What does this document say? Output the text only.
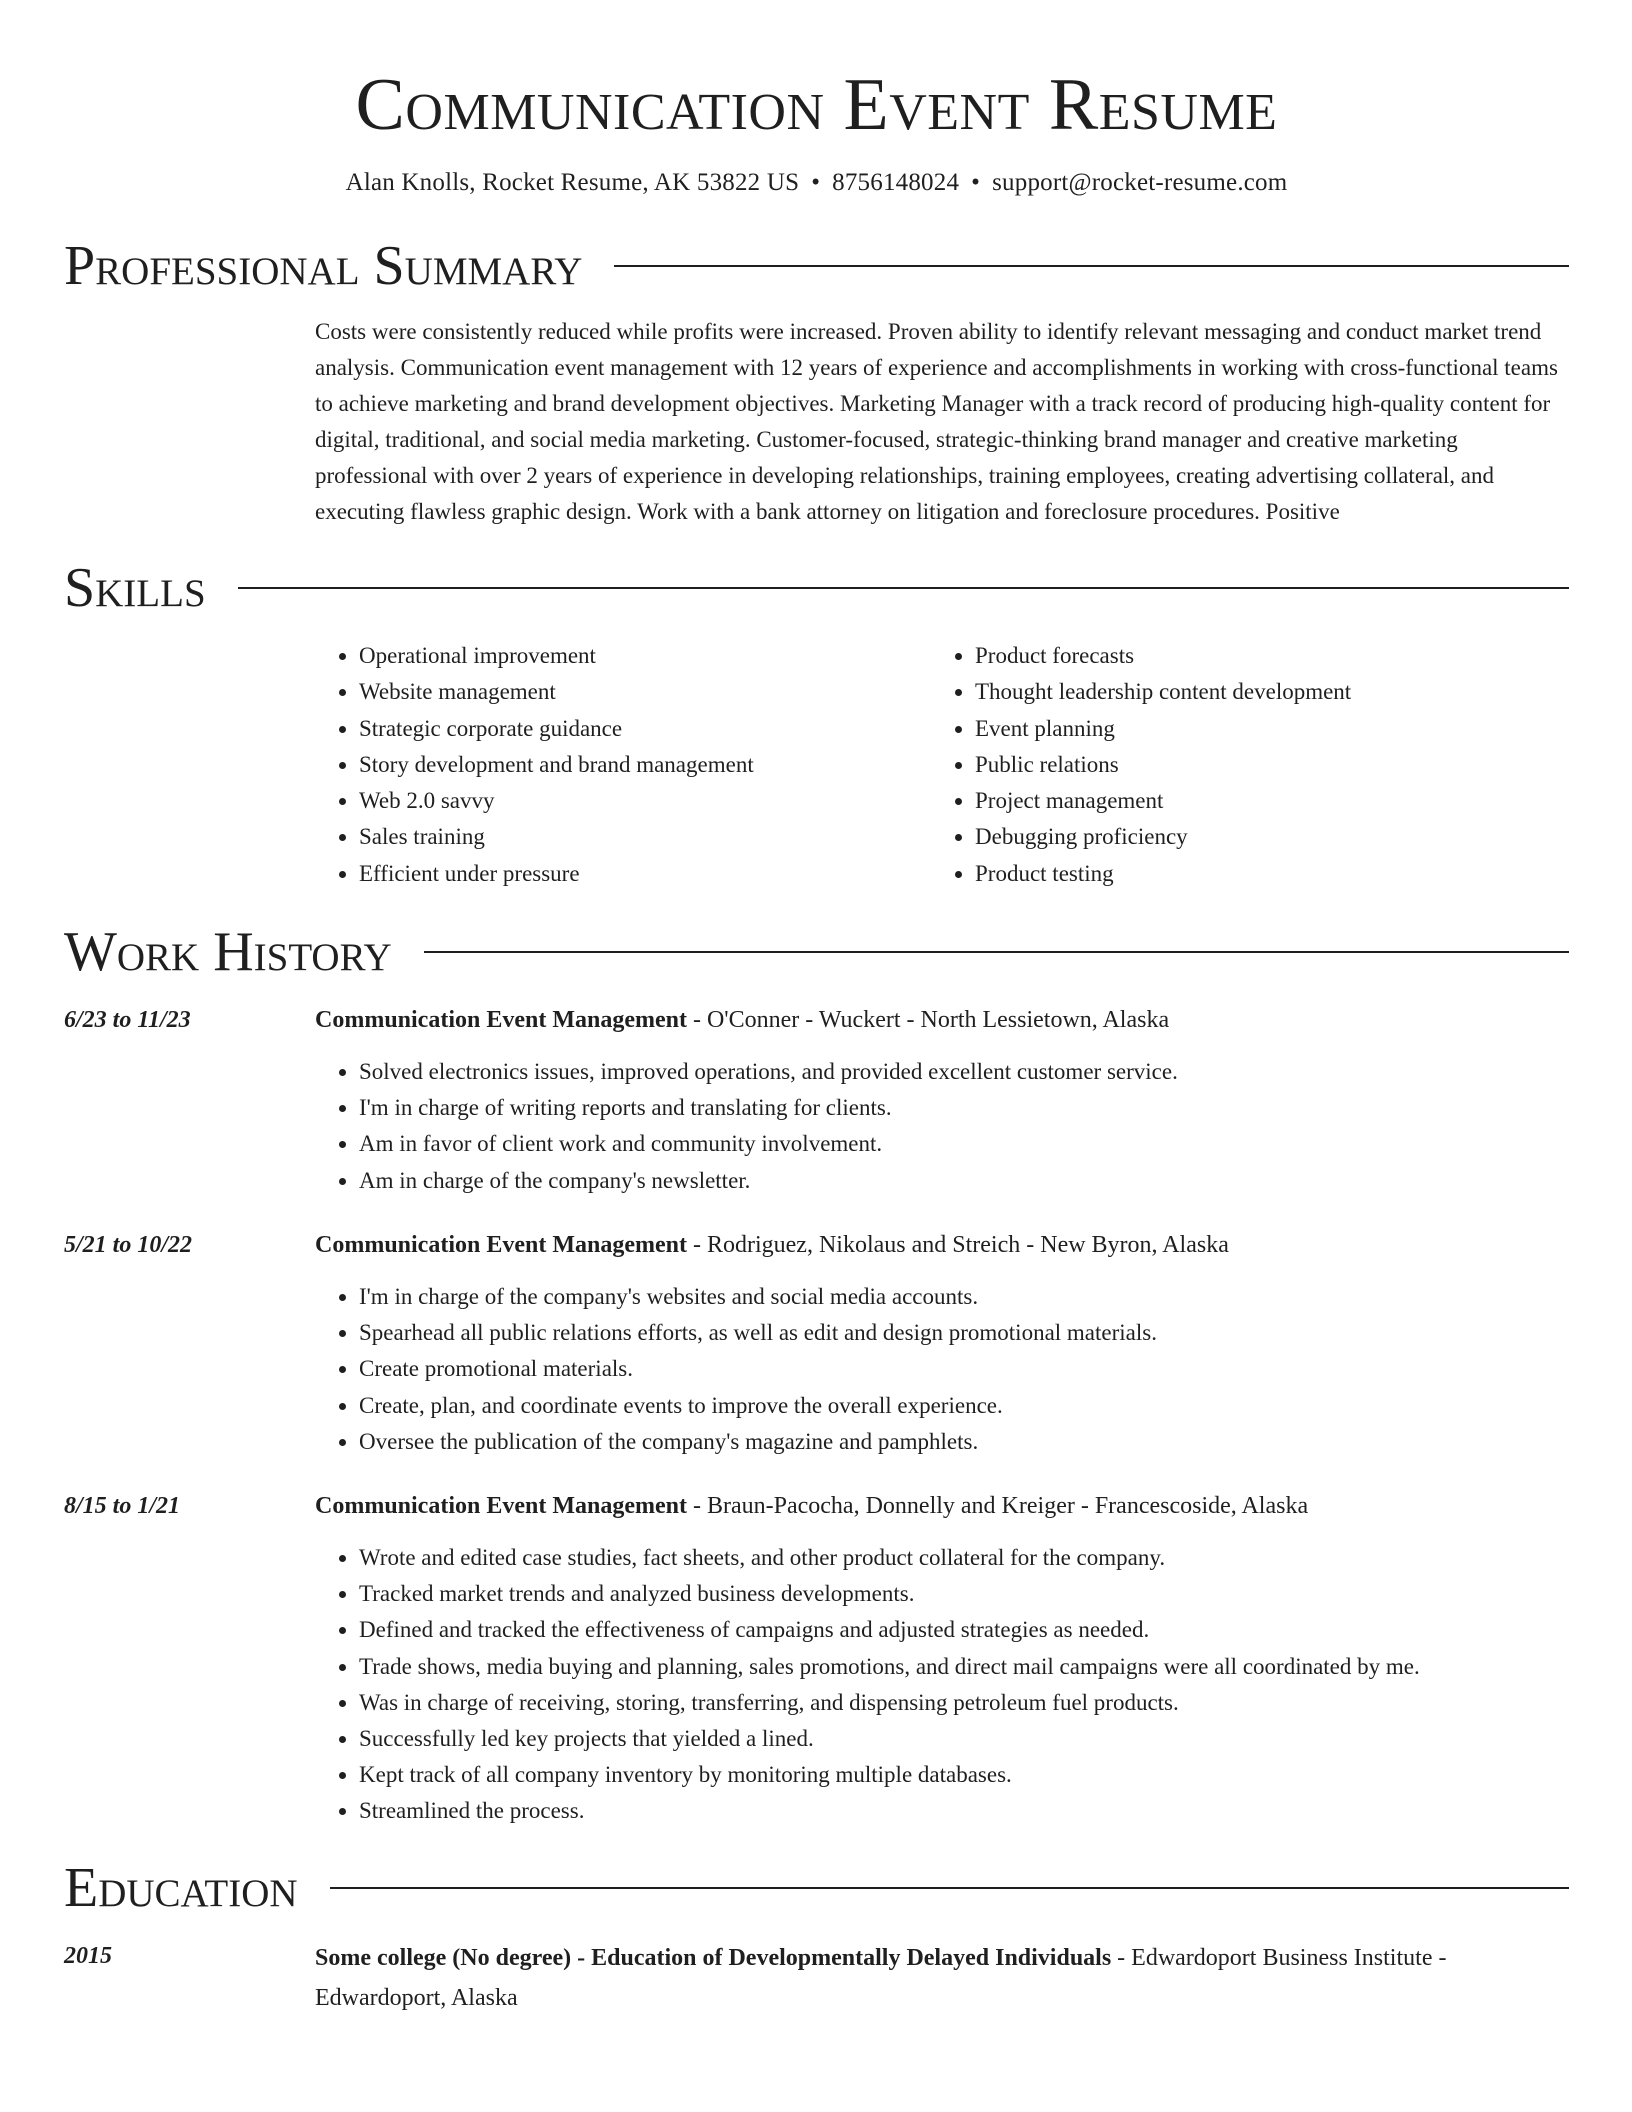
Communication Event Resume
Alan Knolls, Rocket Resume, AK 53822 US • 8756148024 • support@rocket-resume.com
Professional Summary
Costs were consistently reduced while profits were increased. Proven ability to identify relevant messaging and conduct market trend analysis. Communication event management with 12 years of experience and accomplishments in working with cross-functional teams to achieve marketing and brand development objectives. Marketing Manager with a track record of producing high-quality content for digital, traditional, and social media marketing. Customer-focused, strategic-thinking brand manager and creative marketing professional with over 2 years of experience in developing relationships, training employees, creating advertising collateral, and executing flawless graphic design. Work with a bank attorney on litigation and foreclosure procedures. Positive
Skills
• Operational improvement
• Website management
• Strategic corporate guidance
• Story development and brand management
• Web 2.0 savvy
• Sales training
• Efficient under pressure
• Product forecasts
• Thought leadership content development
• Event planning
• Public relations
• Project management
• Debugging proficiency
• Product testing
Work History
6/23 to 11/23	Communication Event Management - O'Conner - Wuckert - North Lessietown, Alaska
• Solved electronics issues, improved operations, and provided excellent customer service.
• I'm in charge of writing reports and translating for clients.
• Am in favor of client work and community involvement.
• Am in charge of the company's newsletter.
5/21 to 10/22	Communication Event Management - Rodriguez, Nikolaus and Streich - New Byron, Alaska
• I'm in charge of the company's websites and social media accounts.
• Spearhead all public relations efforts, as well as edit and design promotional materials.
• Create promotional materials.
• Create, plan, and coordinate events to improve the overall experience.
• Oversee the publication of the company's magazine and pamphlets.
8/15 to 1/21	Communication Event Management - Braun-Pacocha, Donnelly and Kreiger - Francescoside, Alaska
• Wrote and edited case studies, fact sheets, and other product collateral for the company.
• Tracked market trends and analyzed business developments.
• Defined and tracked the effectiveness of campaigns and adjusted strategies as needed.
• Trade shows, media buying and planning, sales promotions, and direct mail campaigns were all coordinated by me.
• Was in charge of receiving, storing, transferring, and dispensing petroleum fuel products.
• Successfully led key projects that yielded a lined.
• Kept track of all company inventory by monitoring multiple databases.
• Streamlined the process.
Education
2015	Some college (No degree) - Education of Developmentally Delayed Individuals - Edwardoport Business Institute - Edwardoport, Alaska
